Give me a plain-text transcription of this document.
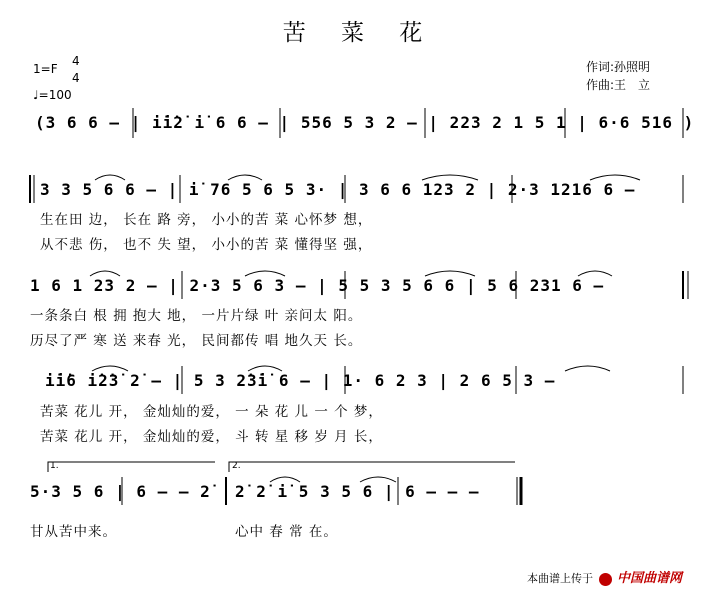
苦 菜 花
1=F
4
4
♩=100
作词:孙照明
作曲:王　立
(3 6 6 – | i̇i̇2̇ i̇ 6 6 – | 556 5 3 2 – | 223 2 1 5 1 | 6·6 516 )
3 3 5 6 6 – | i̇ 76 5 6 5 3· | 3 6 6 123 2 | 2·3 1216 6 –
生在田 边， 长在 路 旁， 小小的苦 菜 心怀梦 想，
从不悲 伤， 也不 失 望， 小小的苦 菜 懂得坚 强，
1 6 1 23 2 – | 2·3 5 6 3 – | 5 5 3 5 6 6 | 5 6 231 6 –
一条条白 根 拥 抱大 地， 一片片绿 叶 亲问太 阳。
历尽了严 寒 送 来春 光， 民间都传 唱 地久天 长。
i̇i̇6 i̇2̇3̇ 2̇ – | 5 3 2̇3̇i̇ 6 – | 1· 6 2 3 | 2 6 5 3 –
苦菜 花儿 开， 金灿灿的爱， 一 朵 花 儿 一 个 梦，
苦菜 花儿 开， 金灿灿的爱， 斗 转 星 移 岁 月 长，
1.	2.
5·3 5 6 | 6 – – 2̇ 2̇ 2̇ i̇ 5 3 5 6 | 6 – – –
甘从苦中来。	心中 春 常 在。
本曲谱上传于 中国曲谱网
